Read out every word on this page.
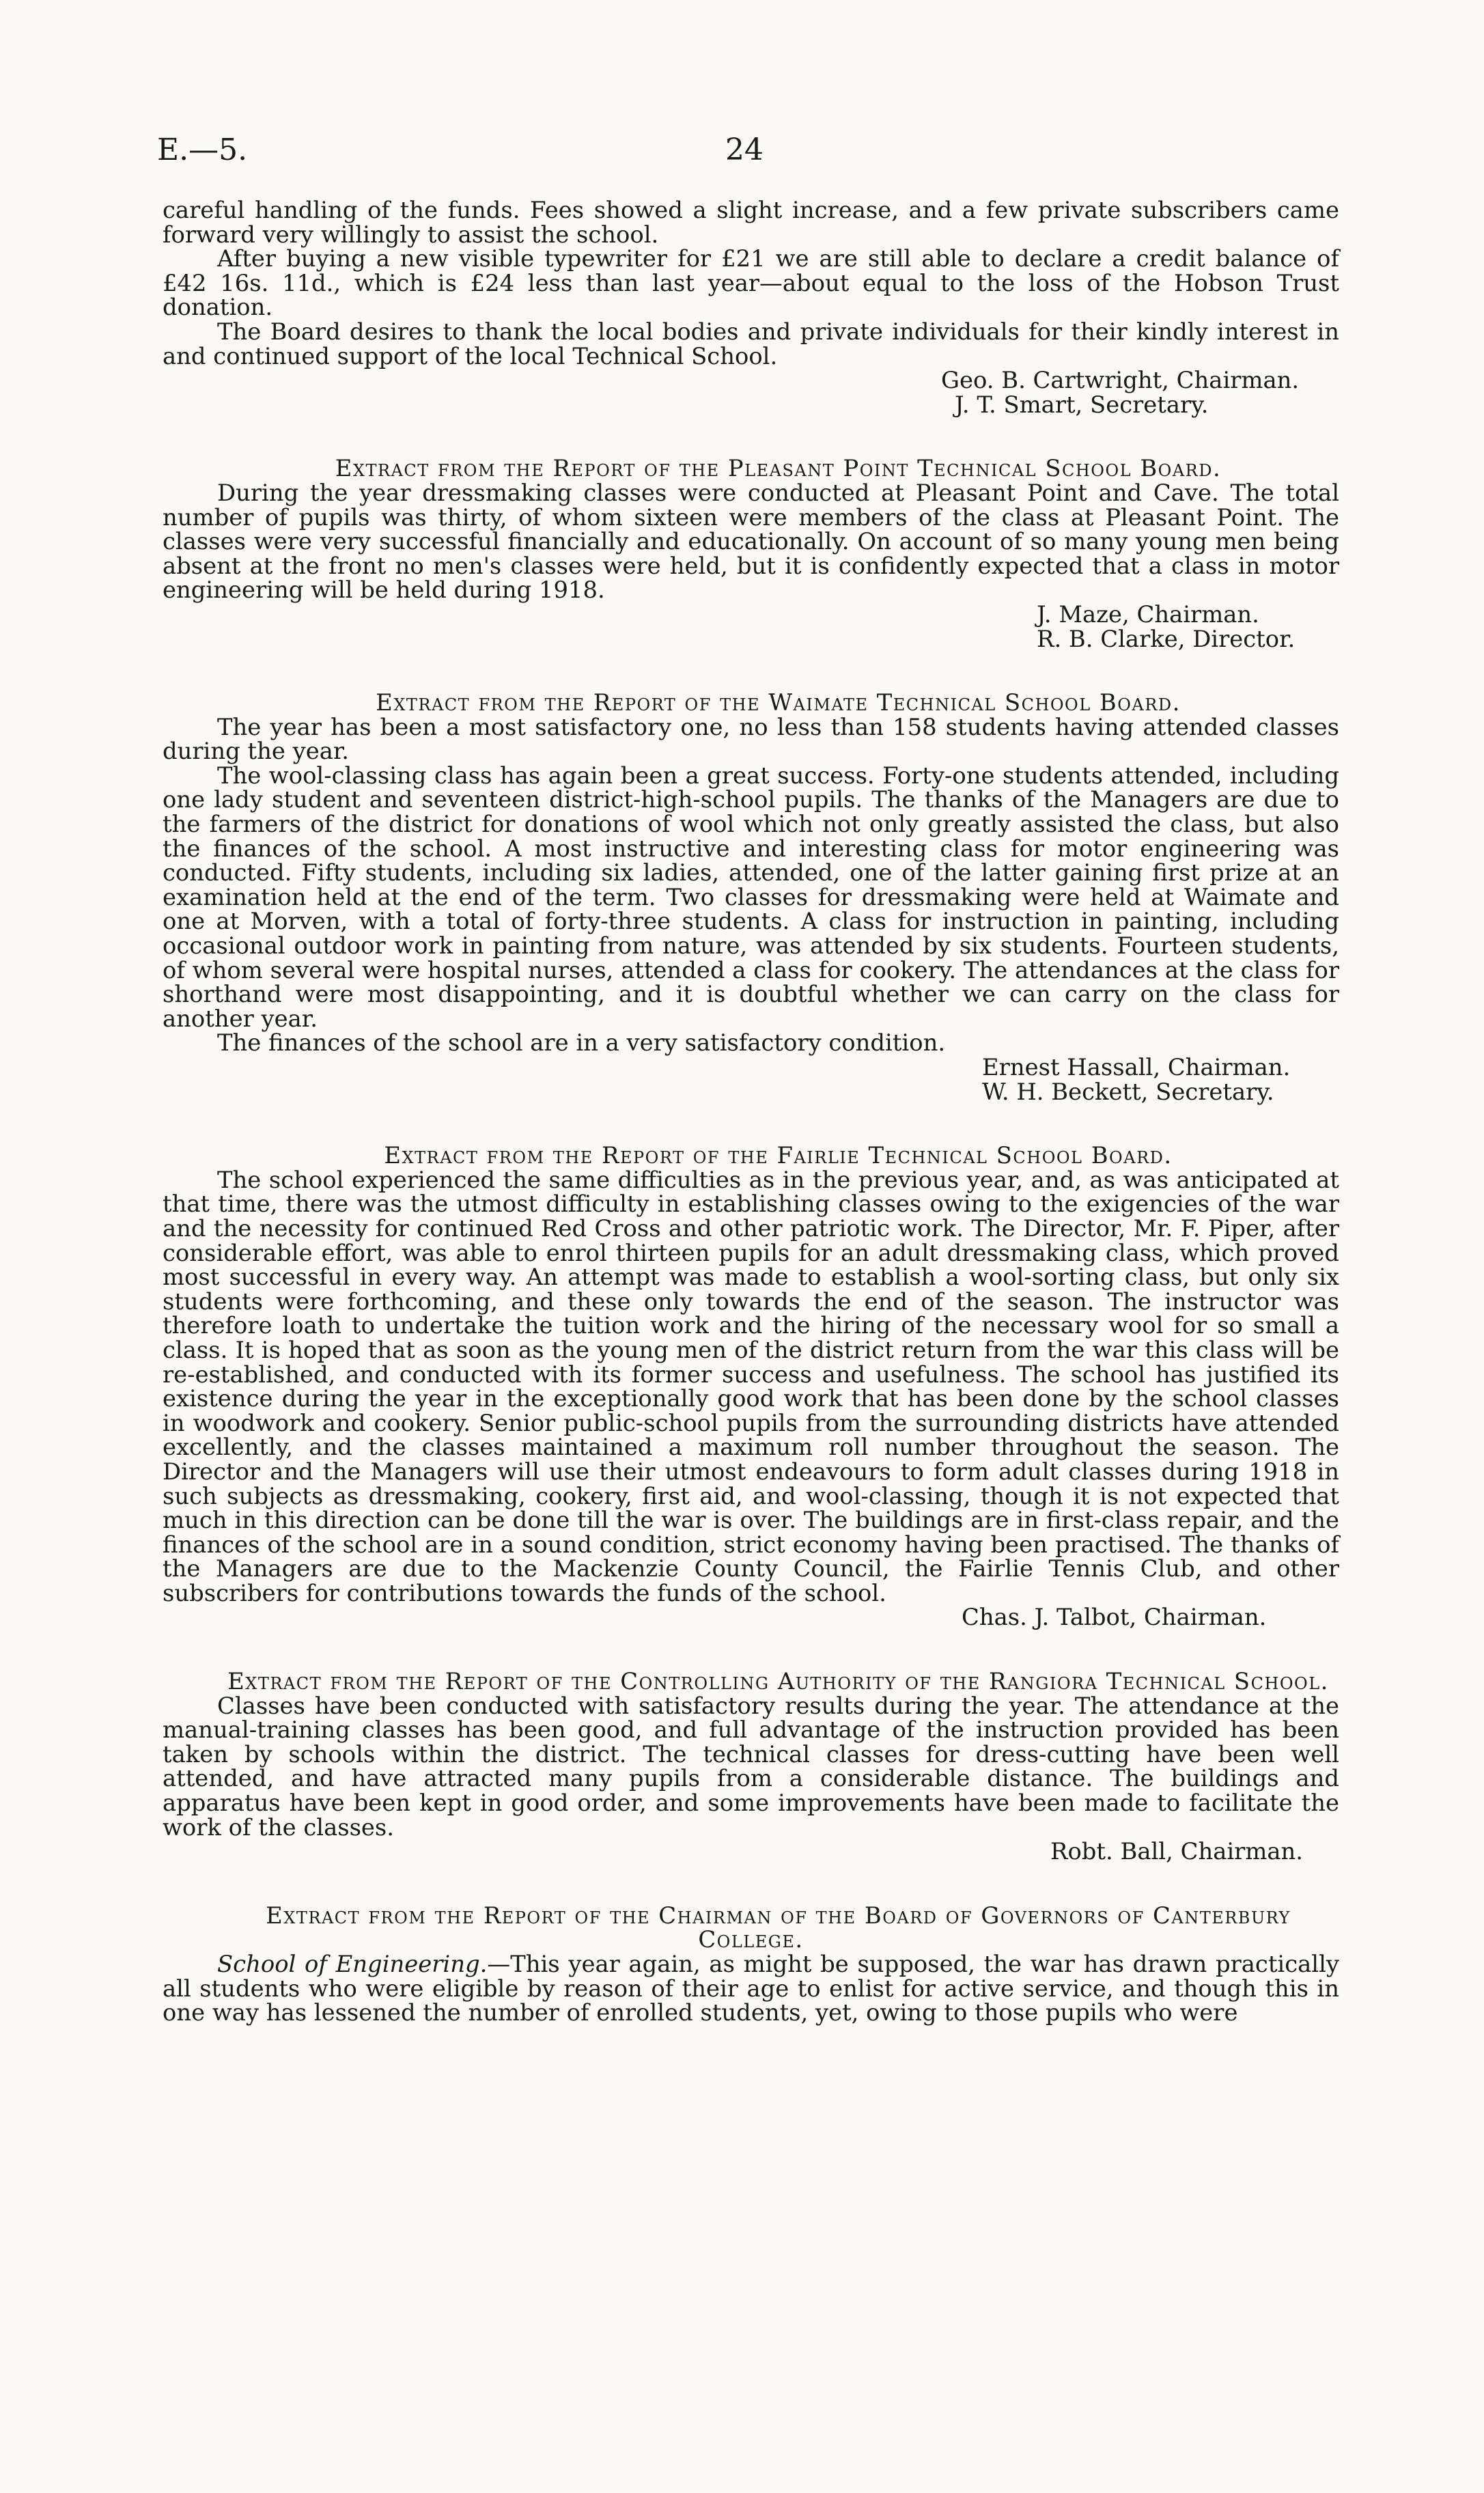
E.—5.	24

careful handling of the funds. Fees showed a slight increase, and a few private subscribers came forward very willingly to assist the school.

After buying a new visible typewriter for £21 we are still able to declare a credit balance of £42 16s. 11d., which is £24 less than last year—about equal to the loss of the Hobson Trust donation.

The Board desires to thank the local bodies and private individuals for their kindly interest in and continued support of the local Technical School.

Geo. B. Cartwright, Chairman.

J. T. Smart, Secretary.

Extract from the Report of the Pleasant Point Technical School Board.

During the year dressmaking classes were conducted at Pleasant Point and Cave. The total number of pupils was thirty, of whom sixteen were members of the class at Pleasant Point. The classes were very successful financially and educationally. On account of so many young men being absent at the front no men's classes were held, but it is confidently expected that a class in motor engineering will be held during 1918.

J. Maze, Chairman.

R. B. Clarke, Director.

Extract from the Report of the Waimate Technical School Board.

The year has been a most satisfactory one, no less than 158 students having attended classes during the year.

The wool-classing class has again been a great success. Forty-one students attended, including one lady student and seventeen district-high-school pupils. The thanks of the Managers are due to the farmers of the district for donations of wool which not only greatly assisted the class, but also the finances of the school. A most instructive and interesting class for motor engineering was conducted. Fifty students, including six ladies, attended, one of the latter gaining first prize at an examination held at the end of the term. Two classes for dressmaking were held at Waimate and one at Morven, with a total of forty-three students. A class for instruction in painting, including occasional outdoor work in painting from nature, was attended by six students. Fourteen students, of whom several were hospital nurses, attended a class for cookery. The attendances at the class for shorthand were most disappointing, and it is doubtful whether we can carry on the class for another year.

The finances of the school are in a very satisfactory condition.

Ernest Hassall, Chairman.

W. H. Beckett, Secretary.

Extract from the Report of the Fairlie Technical School Board.

The school experienced the same difficulties as in the previous year, and, as was anticipated at that time, there was the utmost difficulty in establishing classes owing to the exigencies of the war and the necessity for continued Red Cross and other patriotic work. The Director, Mr. F. Piper, after considerable effort, was able to enrol thirteen pupils for an adult dressmaking class, which proved most successful in every way. An attempt was made to establish a wool-sorting class, but only six students were forthcoming, and these only towards the end of the season. The instructor was therefore loath to undertake the tuition work and the hiring of the necessary wool for so small a class. It is hoped that as soon as the young men of the district return from the war this class will be re-established, and conducted with its former success and usefulness. The school has justified its existence during the year in the exceptionally good work that has been done by the school classes in woodwork and cookery. Senior public-school pupils from the surrounding districts have attended excellently, and the classes maintained a maximum roll number throughout the season. The Director and the Managers will use their utmost endeavours to form adult classes during 1918 in such subjects as dressmaking, cookery, first aid, and wool-classing, though it is not expected that much in this direction can be done till the war is over. The buildings are in first-class repair, and the finances of the school are in a sound condition, strict economy having been practised. The thanks of the Managers are due to the Mackenzie County Council, the Fairlie Tennis Club, and other subscribers for contributions towards the funds of the school.

Chas. J. Talbot, Chairman.

Extract from the Report of the Controlling Authority of the Rangiora Technical School.

Classes have been conducted with satisfactory results during the year. The attendance at the manual-training classes has been good, and full advantage of the instruction provided has been taken by schools within the district. The technical classes for dress-cutting have been well attended, and have attracted many pupils from a considerable distance. The buildings and apparatus have been kept in good order, and some improvements have been made to facilitate the work of the classes.

Robt. Ball, Chairman.

Extract from the Report of the Chairman of the Board of Governors of Canterbury College.

School of Engineering.—This year again, as might be supposed, the war has drawn practically all students who were eligible by reason of their age to enlist for active service, and though this in one way has lessened the number of enrolled students, yet, owing to those pupils who were
